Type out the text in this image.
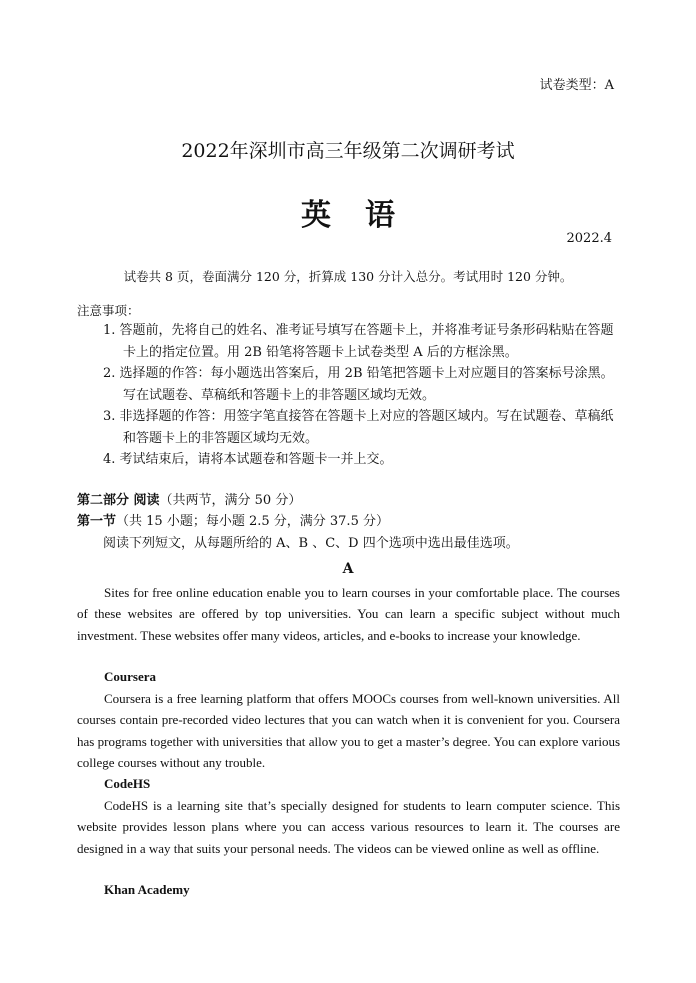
试卷类型：A
2022年深圳市高三年级第二次调研考试
英语
2022.4
试卷共 8 页，卷面满分 120 分，折算成 130 分计入总分。考试用时 120 分钟。
注意事项：
1. 答题前，先将自己的姓名、准考证号填写在答题卡上，并将准考证号条形码粘贴在答题卡上的指定位置。用 2B 铅笔将答题卡上试卷类型 A 后的方框涂黑。
2. 选择题的作答：每小题选出答案后，用 2B 铅笔把答题卡上对应题目的答案标号涂黑。写在试题卷、草稿纸和答题卡上的非答题区域均无效。
3. 非选择题的作答：用签字笔直接答在答题卡上对应的答题区域内。写在试题卷、草稿纸和答题卡上的非答题区域均无效。
4. 考试结束后，请将本试题卷和答题卡一并上交。
第二部分 阅读（共两节，满分 50 分）
第一节（共 15 小题；每小题 2.5 分，满分 37.5 分）
阅读下列短文，从每题所给的 A、B 、C、D 四个选项中选出最佳选项。
A

Sites for free online education enable you to learn courses in your comfortable place. The courses of these websites are offered by top universities. You can learn a specific subject without much investment. These websites offer many videos, articles, and e-books to increase your knowledge.

Coursera

Coursera is a free learning platform that offers MOOCs courses from well-known universities. All courses contain pre-recorded video lectures that you can watch when it is convenient for you. Coursera has programs together with universities that allow you to get a master’s degree. You can explore various college courses without any trouble.

CodeHS

CodeHS is a learning site that’s specially designed for students to learn computer science. This website provides lesson plans where you can access various resources to learn it. The courses are designed in a way that suits your personal needs. The videos can be viewed online as well as offline.

Khan Academy
